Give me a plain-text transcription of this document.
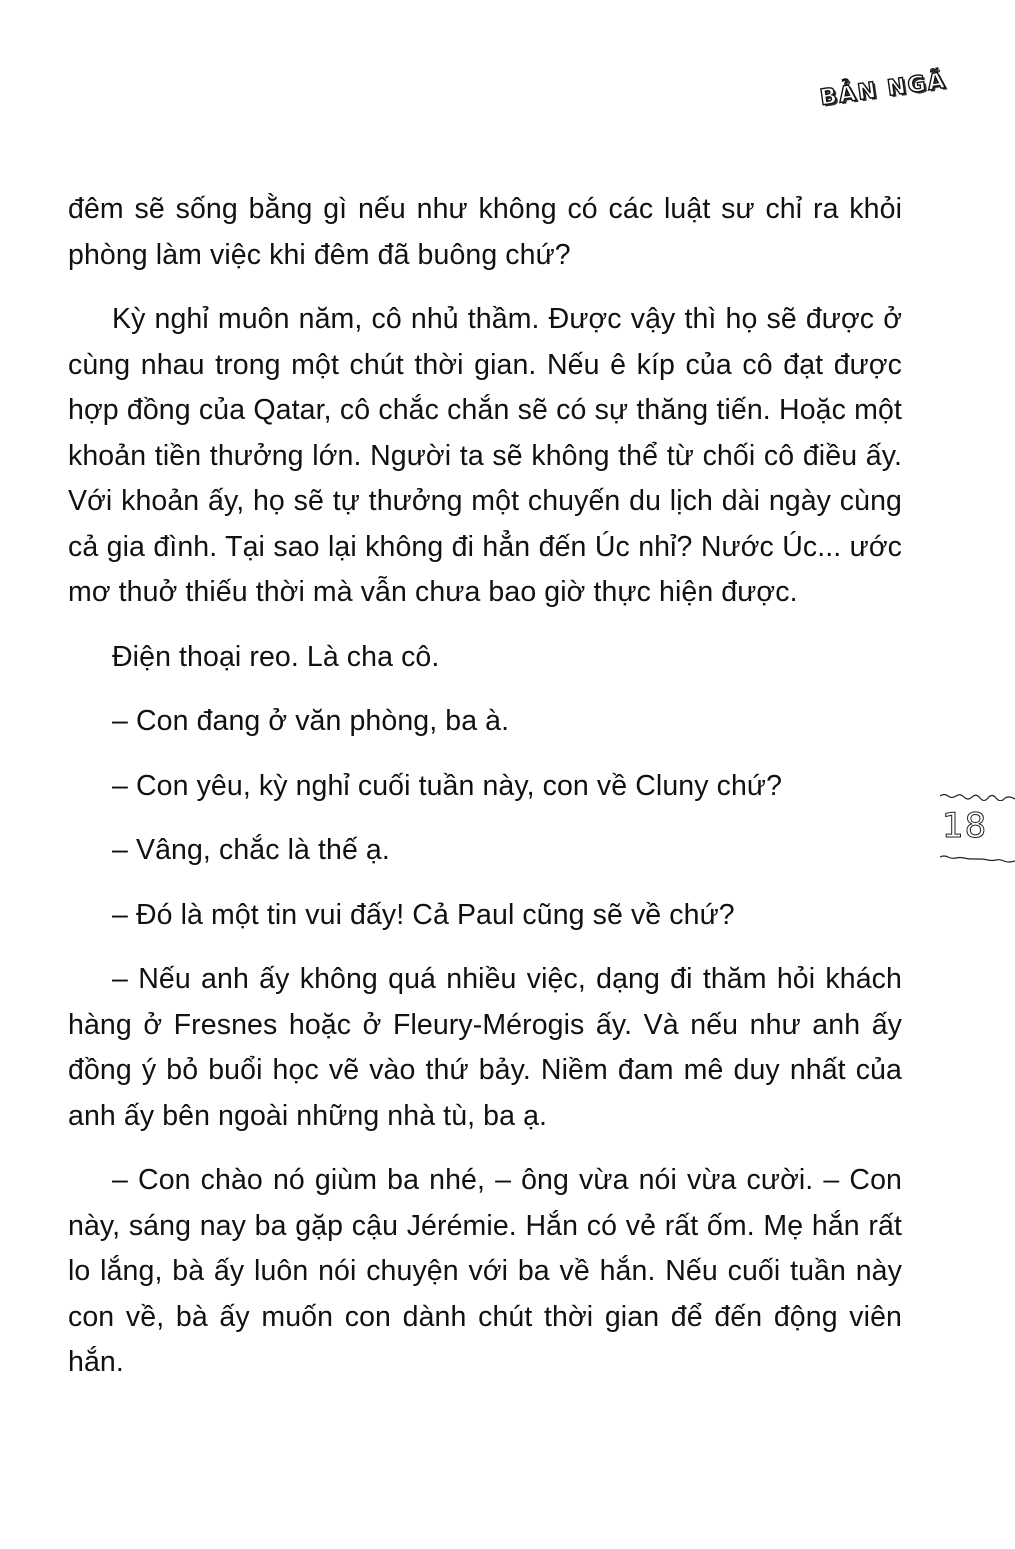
BẢN NGÃ

đêm sẽ sống bằng gì nếu như không có các luật sư chỉ ra khỏi phòng làm việc khi đêm đã buông chứ?

Kỳ nghỉ muôn năm, cô nhủ thầm. Được vậy thì họ sẽ được ở cùng nhau trong một chút thời gian. Nếu ê kíp của cô đạt được hợp đồng của Qatar, cô chắc chắn sẽ có sự thăng tiến. Hoặc một khoản tiền thưởng lớn. Người ta sẽ không thể từ chối cô điều ấy. Với khoản ấy, họ sẽ tự thưởng một chuyến du lịch dài ngày cùng cả gia đình. Tại sao lại không đi hẳn đến Úc nhỉ? Nước Úc... ước mơ thuở thiếu thời mà vẫn chưa bao giờ thực hiện được.

Điện thoại reo. Là cha cô.

– Con đang ở văn phòng, ba à.

– Con yêu, kỳ nghỉ cuối tuần này, con về Cluny chứ?

– Vâng, chắc là thế ạ.

– Đó là một tin vui đấy! Cả Paul cũng sẽ về chứ?

– Nếu anh ấy không quá nhiều việc, dạng đi thăm hỏi khách hàng ở Fresnes hoặc ở Fleury-Mérogis ấy. Và nếu như anh ấy đồng ý bỏ buổi học vẽ vào thứ bảy. Niềm đam mê duy nhất của anh ấy bên ngoài những nhà tù, ba ạ.

– Con chào nó giùm ba nhé, – ông vừa nói vừa cười. – Con này, sáng nay ba gặp cậu Jérémie. Hắn có vẻ rất ốm. Mẹ hắn rất lo lắng, bà ấy luôn nói chuyện với ba về hắn. Nếu cuối tuần này con về, bà ấy muốn con dành chút thời gian để đến động viên hắn.

18
